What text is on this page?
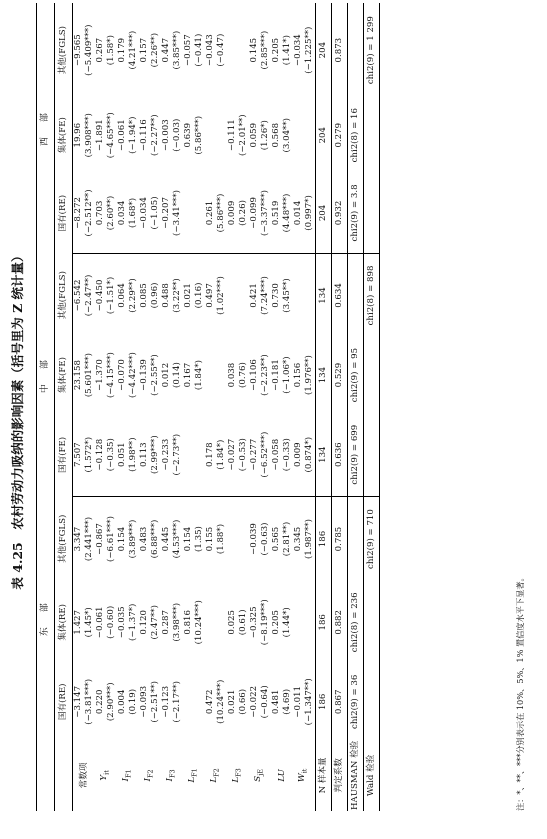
表 4.25　农村劳动力吸纳的影响因素（括号里为 Z 统计量）
	东　部			中　部			西　部		
	国有(RE)	集体(RE)	其他(FGLS)	国有(FE)	集体(FE)	其他(FGLS)	国有(RE)	集体(FE)	其他(FGLS)
常数项	−3.147 (−3.81***)	1.427 (1.45*)	3.347 (2.441***)	7.507 (1.572*)	23.158 (5.601***)	−6.542 (−2.47**)	−8.272 (−2.512**)	19.96 (3.908***)	−9.565 (−5.409***)

$Y_{it}$	0.220 (2.90***)	−0.061 (−0.60)	−0.867 (−6.61***)	−0.128 (−0.35)	−1.370 (−4.15***)	−0.450 (−1.51*)	0.703 (2.60**)	−1.891 (−4.65***)	0.267 (1.58*)

$I_{F1}$	0.004 (0.19)	−0.035 (−1.37*)	0.154 (3.89***)	0.051 (1.98**)	−0.070 (−4.42***)	0.064 (2.29**)	0.034 (1.68*)	−0.061 (−1.94*)	0.179 (4.21***)

$I_{F2}$	−0.093 (−2.51**)	0.120 (2.47**)	0.483 (6.88***)	0.113 (2.99***)	−0.139 (−2.55**)	0.085 (0.96)	−0.034 (−1.05)	−0.116 (−2.27**)	0.157 (2.26**)

$I_{F3}$	−0.123 (−2.17**)	0.287 (3.98***)	0.445 (4.53***)	−0.233 (−2.73**)	0.012 (0.14)	0.488 (3.22**)	−0.207 (−3.41***)	−0.003 (−0.03)	0.447 (3.85***)

$L_{F1}$		0.816 (10.24***)	0.154 (1.35)		0.167 (1.84*)	0.021 (0.16)		0.639 (5.86***)	−0.057 (−0.41)

$L_{F2}$	0.472 (10.24***)		0.155 (1.88*)	0.178 (1.84*)		0.497 (1.02***)	0.261 (5.86***)		−0.043 (−0.47)

$L_{F3}$	0.021 (0.66)	0.025 (0.61)		−0.027 (−0.53)	0.038 (0.76)		0.009 (0.26)	−0.111 (−2.01**)	

$S_{jE}$	−0.022 (−0.64)	−0.325 (−8.19***)	−0.039 (−0.63)	−0.277 (−6.52***)	−0.106 (−2.23**)	0.421 (7.24***)	−0.099 (−3.37***)	0.059 (1.26*)	0.145 (2.85***)

LU	0.481 (4.69)	0.205 (1.44*)	0.565 (2.81**)	−0.058 (−0.33)	−0.181 (−1.06*)	0.730 (3.45**)	0.519 (4.48***)	0.568 (3.04**)	0.205 (1.41*)

$W_{it}$	−0.011 (−1.347**)		0.345 (1.987**)	0.009 (0.874*)	0.156 (1.976**)		0.014 (0.997*)		−0.034 (−1.225**)

N 样本量	186	186	186	134	134	134	204	204	204
判定系数	0.867	0.882	0.785	0.636	0.529	0.634	0.932	0.279	0.873
HAUSMAN 检验	chi2(9) = 36	chi2(8) = 236		chi2(9) = 699	chi2(9) = 95		chi2(9) = 3.8	chi2(8) = 16	
Wald 检验			chi2(9) = 710			chi2(8) = 898			chi2(9) = 1 299
注：*、**、***分别表示在 10%、5%、1% 置信度水平下显著。
